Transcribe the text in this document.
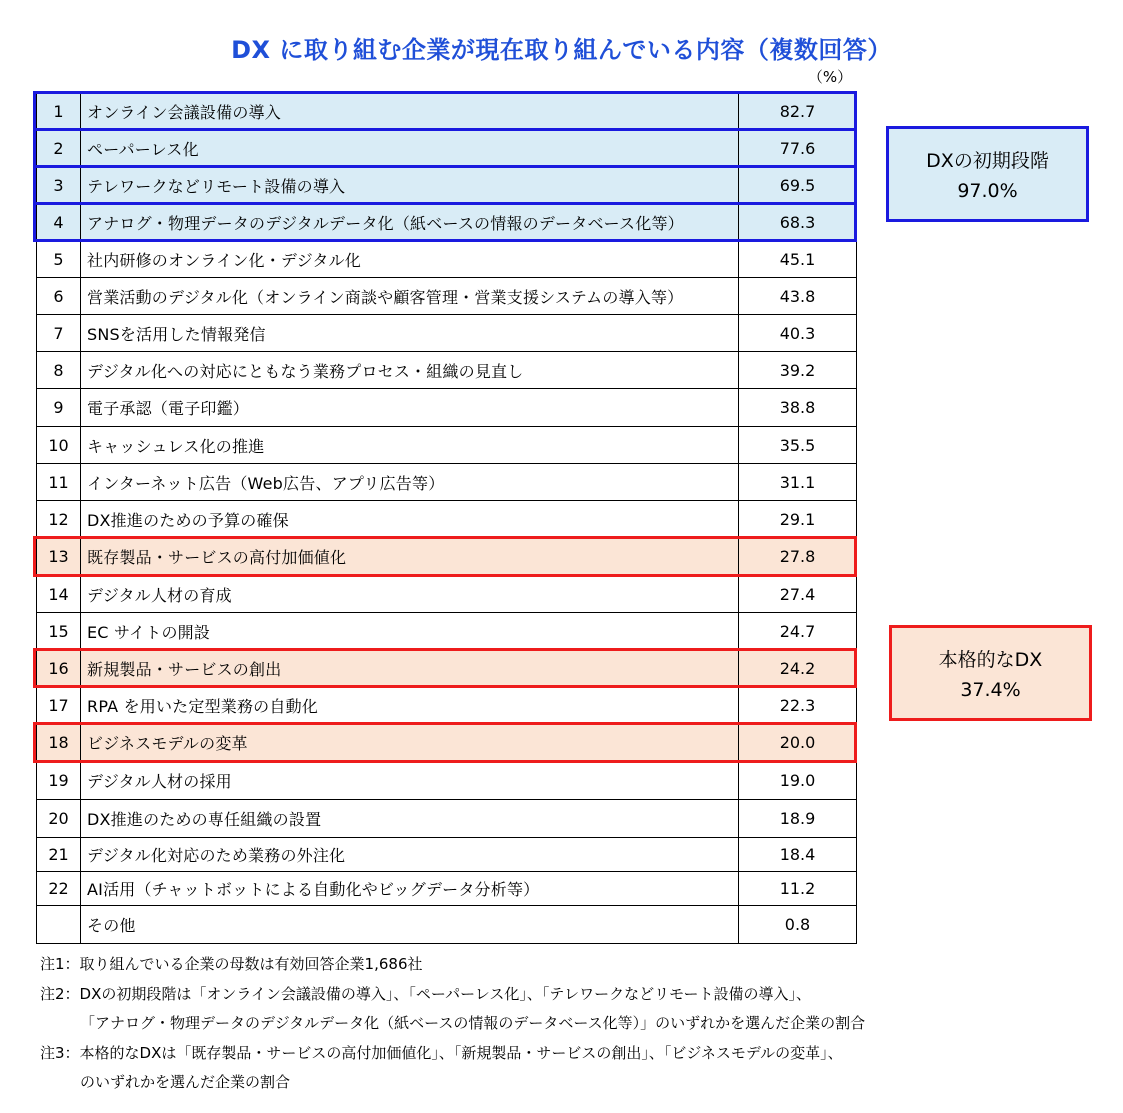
DX に取り組む企業が現在取り組んでいる内容（複数回答）
（%）
1	オンライン会議設備の導入	82.7
2	ペーパーレス化	77.6
3	テレワークなどリモート設備の導入	69.5
4	アナログ・物理データのデジタルデータ化（紙ベースの情報のデータベース化等）	68.3
5	社内研修のオンライン化・デジタル化	45.1
6	営業活動のデジタル化（オンライン商談や顧客管理・営業支援システムの導入等）	43.8
7	SNSを活用した情報発信	40.3
8	デジタル化への対応にともなう業務プロセス・組織の見直し	39.2
9	電子承認（電子印鑑）	38.8
10	キャッシュレス化の推進	35.5
11	インターネット広告（Web広告、アプリ広告等）	31.1
12	DX推進のための予算の確保	29.1
13	既存製品・サービスの高付加価値化	27.8
14	デジタル人材の育成	27.4
15	EC サイトの開設	24.7
16	新規製品・サービスの創出	24.2
17	RPA を用いた定型業務の自動化	22.3
18	ビジネスモデルの変革	20.0
19	デジタル人材の採用	19.0
20	DX推進のための専任組織の設置	18.9
21	デジタル化対応のため業務の外注化	18.4
22	AI活用（チャットボットによる自動化やビッグデータ分析等）	11.2
	その他	0.8
DXの初期段階
97.0%
本格的なDX
37.4%
注1：取り組んでいる企業の母数は有効回答企業1,686社
注2：DXの初期段階は「オンライン会議設備の導入」、「ペーパーレス化」、「テレワークなどリモート設備の導入」、
「アナログ・物理データのデジタルデータ化（紙ベースの情報のデータベース化等）」のいずれかを選んだ企業の割合
注3：本格的なDXは「既存製品・サービスの高付加価値化」、「新規製品・サービスの創出」、「ビジネスモデルの変革」、
のいずれかを選んだ企業の割合
